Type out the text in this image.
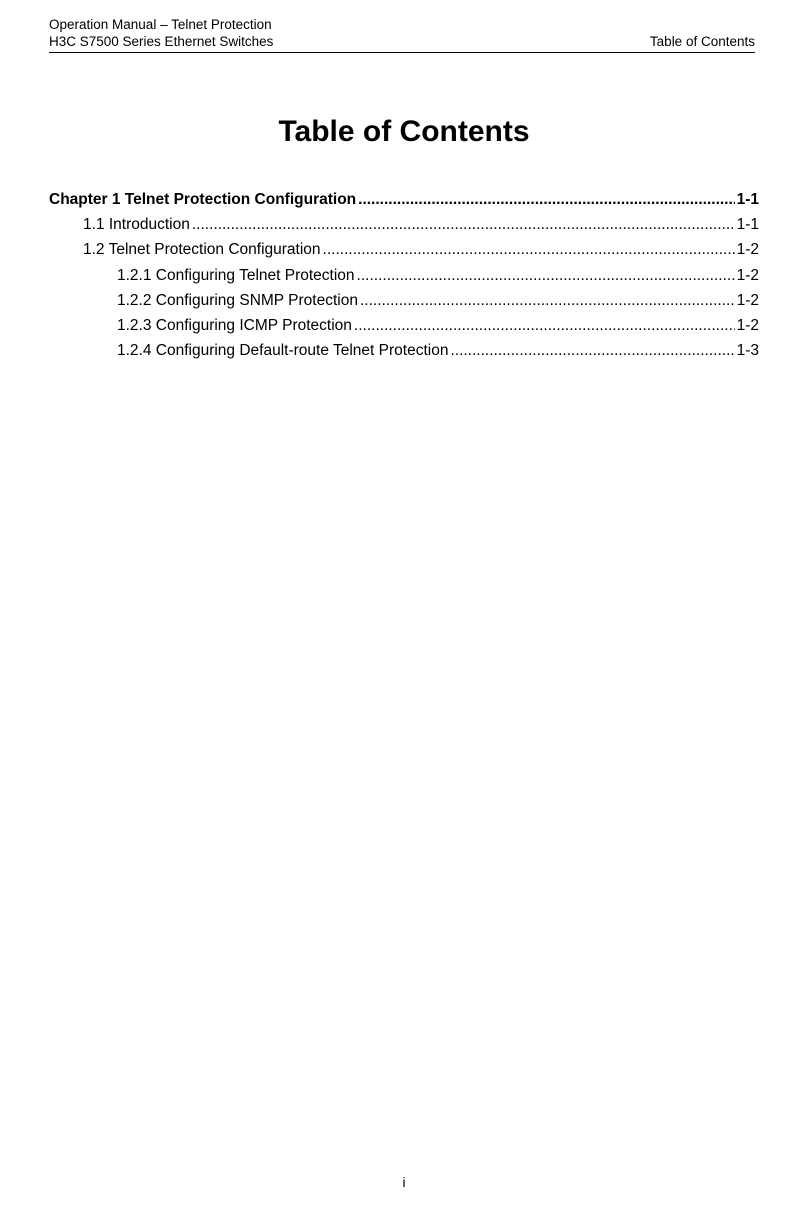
Operation Manual – Telnet Protection
H3C S7500 Series Ethernet Switches	Table of Contents
Table of Contents
Chapter 1 Telnet Protection Configuration .....	1-1
1.1 Introduction .....	1-1
1.2 Telnet Protection Configuration .....	1-2
1.2.1 Configuring Telnet Protection .....	1-2
1.2.2 Configuring SNMP Protection .....	1-2
1.2.3 Configuring ICMP Protection .....	1-2
1.2.4 Configuring Default-route Telnet Protection .....	1-3
i
